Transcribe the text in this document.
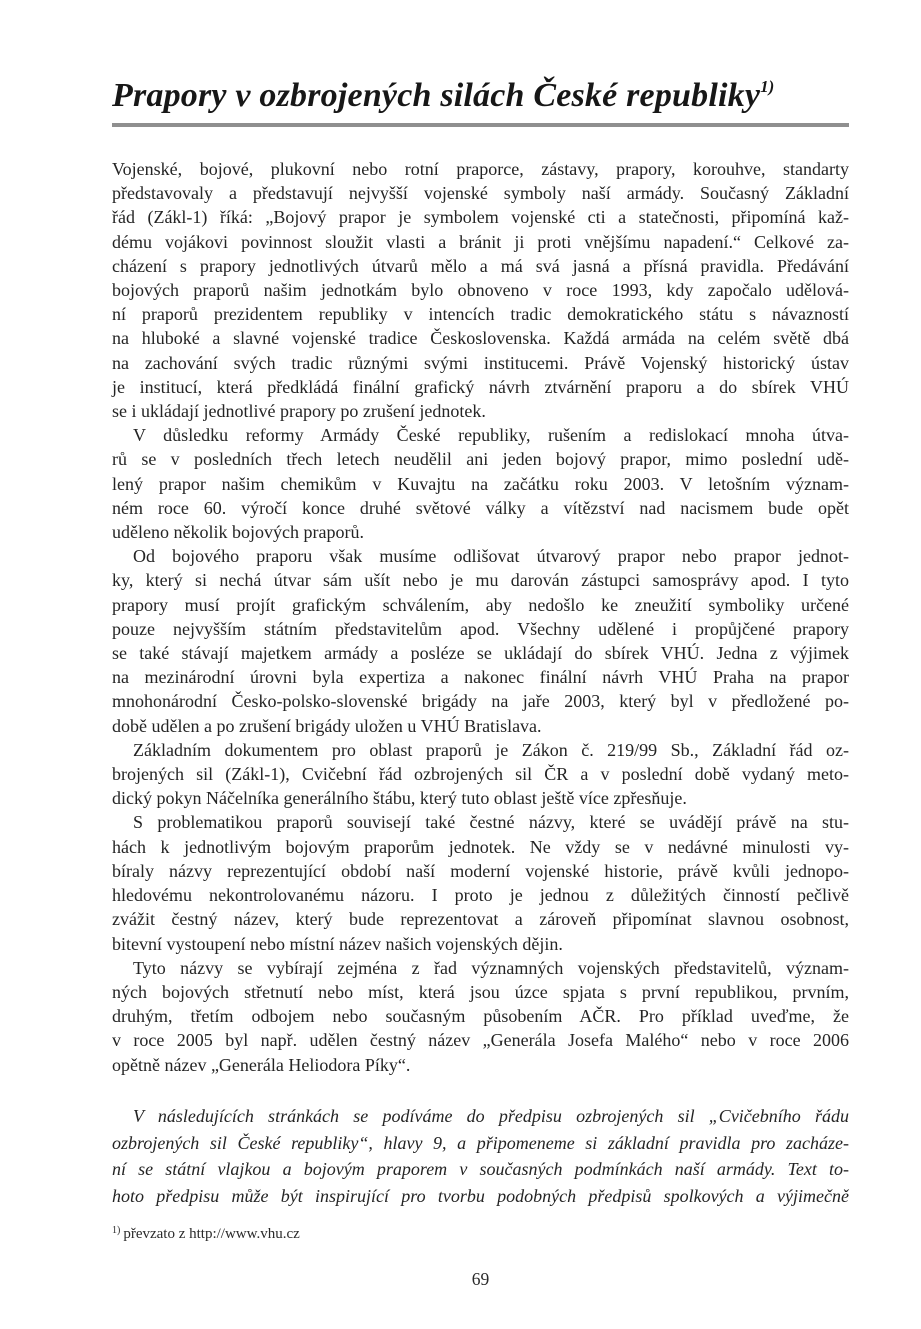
Prapory v ozbrojených silách České republiky$^{1)}$
Vojenské, bojové, plukovní nebo rotní praporce, zástavy, prapory, korouhve, standarty
představovaly a představují nejvyšší vojenské symboly naší armády. Současný Základní
řád (Zákl-1) říká: „Bojový prapor je symbolem vojenské cti a statečnosti, připomíná kaž-
dému vojákovi povinnost sloužit vlasti a bránit ji proti vnějšímu napadení.“ Celkové za-
cházení s prapory jednotlivých útvarů mělo a má svá jasná a přísná pravidla. Předávání
bojových praporů našim jednotkám bylo obnoveno v roce 1993, kdy započalo udělová-
ní praporů prezidentem republiky v intencích tradic demokratického státu s návazností
na hluboké a slavné vojenské tradice Československa. Každá armáda na celém světě dbá
na zachování svých tradic různými svými institucemi. Právě Vojenský historický ústav
je institucí, která předkládá finální grafický návrh ztvárnění praporu a do sbírek VHÚ
se i ukládají jednotlivé prapory po zrušení jednotek.
V důsledku reformy Armády České republiky, rušením a redislokací mnoha útva-
rů se v posledních třech letech neudělil ani jeden bojový prapor, mimo poslední udě-
lený prapor našim chemikům v Kuvajtu na začátku roku 2003. V letošním význam-
ném roce 60. výročí konce druhé světové války a vítězství nad nacismem bude opět
uděleno několik bojových praporů.
Od bojového praporu však musíme odlišovat útvarový prapor nebo prapor jednot-
ky, který si nechá útvar sám ušít nebo je mu darován zástupci samosprávy apod. I tyto
prapory musí projít grafickým schválením, aby nedošlo ke zneužití symboliky určené
pouze nejvyšším státním představitelům apod. Všechny udělené i propůjčené prapory
se také stávají majetkem armády a posléze se ukládají do sbírek VHÚ. Jedna z výjimek
na mezinárodní úrovni byla expertiza a nakonec finální návrh VHÚ Praha na prapor
mnohonárodní Česko-polsko-slovenské brigády na jaře 2003, který byl v předložené po-
době udělen a po zrušení brigády uložen u VHÚ Bratislava.
Základním dokumentem pro oblast praporů je Zákon č. 219/99 Sb., Základní řád oz-
brojených sil (Zákl-1), Cvičební řád ozbrojených sil ČR a v poslední době vydaný meto-
dický pokyn Náčelníka generálního štábu, který tuto oblast ještě více zpřesňuje.
S problematikou praporů souvisejí také čestné názvy, které se uvádějí právě na stu-
hách k jednotlivým bojovým praporům jednotek. Ne vždy se v nedávné minulosti vy-
bíraly názvy reprezentující období naší moderní vojenské historie, právě kvůli jednopo-
hledovému nekontrolovanému názoru. I proto je jednou z důležitých činností pečlivě
zvážit čestný název, který bude reprezentovat a zároveň připomínat slavnou osobnost,
bitevní vystoupení nebo místní název našich vojenských dějin.
Tyto názvy se vybírají zejména z řad významných vojenských představitelů, význam-
ných bojových střetnutí nebo míst, která jsou úzce spjata s první republikou, prvním,
druhým, třetím odbojem nebo současným působením AČR. Pro příklad uveďme, že
v roce 2005 byl např. udělen čestný název „Generála Josefa Malého“ nebo v roce 2006
opětně název „Generála Heliodora Píky“.
V následujících stránkách se podíváme do předpisu ozbrojených sil „Cvičebního řádu
ozbrojených sil České republiky“, hlavy 9, a připomeneme si základní pravidla pro zacháze-
ní se státní vlajkou a bojovým praporem v současných podmínkách naší armády. Text to-
hoto předpisu může být inspirující pro tvorbu podobných předpisů spolkových a výjimečně
$^{1)}$ převzato z http://www.vhu.cz
69
